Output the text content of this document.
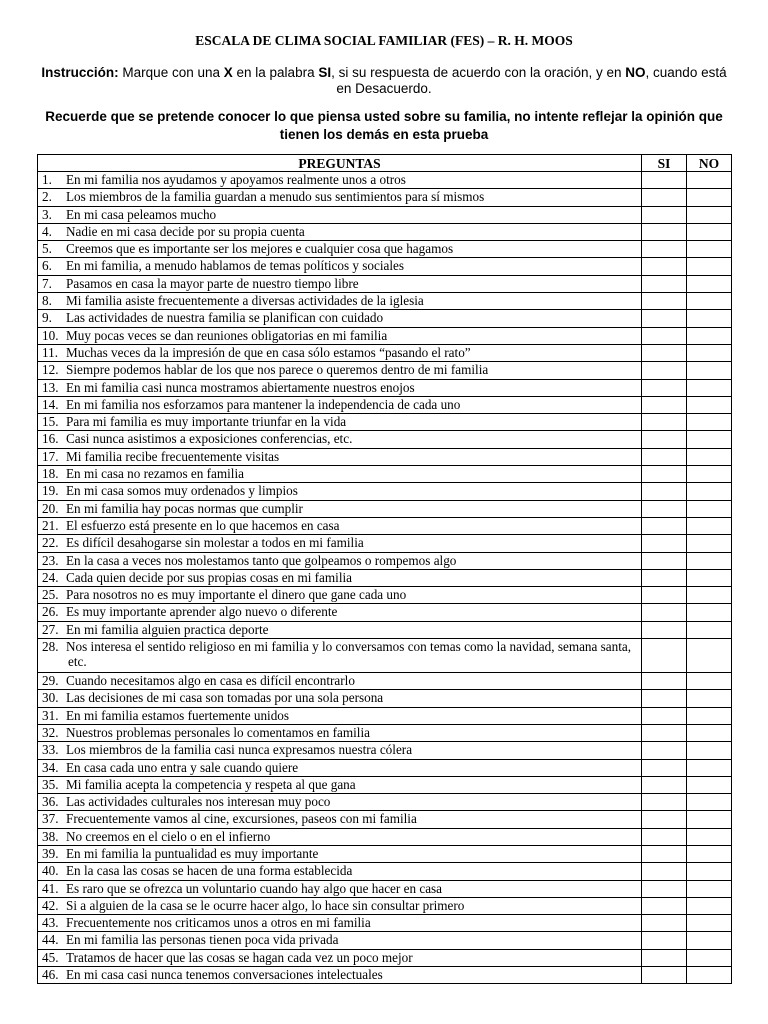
ESCALA DE CLIMA SOCIAL FAMILIAR (FES) – R. H. MOOS
Instrucción: Marque con una X en la palabra SI, si su respuesta de acuerdo con la oración, y en NO, cuando está en Desacuerdo.
Recuerde que se pretende conocer lo que piensa usted sobre su familia, no intente reflejar la opinión que tienen los demás en esta prueba
PREGUNTAS	SI	NO
1. En mi familia nos ayudamos y apoyamos realmente unos a otros		
2. Los miembros de la familia guardan a menudo sus sentimientos para sí mismos		
3. En mi casa peleamos mucho		
4. Nadie en mi casa decide por su propia cuenta		
5. Creemos que es importante ser los mejores e cualquier cosa que hagamos		
6. En mi familia, a menudo hablamos de temas políticos y sociales		
7. Pasamos en casa la mayor parte de nuestro tiempo libre		
8. Mi familia asiste frecuentemente a diversas actividades de la iglesia		
9. Las actividades de nuestra familia se planifican con cuidado		
10. Muy pocas veces se dan reuniones obligatorias en mi familia		
11. Muchas veces da la impresión de que en casa sólo estamos “pasando el rato”		
12. Siempre podemos hablar de los que nos parece o queremos dentro de mi familia		
13. En mi familia casi nunca mostramos abiertamente nuestros enojos		
14. En mi familia nos esforzamos para mantener la independencia de cada uno		
15. Para mi familia es muy importante triunfar en la vida		
16. Casi nunca asistimos a exposiciones conferencias, etc.		
17. Mi familia recibe frecuentemente visitas		
18. En mi casa no rezamos en familia		
19. En mi casa somos muy ordenados y limpios		
20. En mi familia hay pocas normas que cumplir		
21. El esfuerzo está presente en lo que hacemos en casa		
22. Es difícil desahogarse sin molestar a todos en mi familia		
23. En la casa a veces nos molestamos tanto que golpeamos o rompemos algo		
24. Cada quien decide por sus propias cosas en mi familia		
25. Para nosotros no es muy importante el dinero que gane cada uno		
26. Es muy importante aprender algo nuevo o diferente		
27. En mi familia alguien practica deporte		
28. Nos interesa el sentido religioso en mi familia y lo conversamos con temas como la navidad, semana santa, etc.		
29. Cuando necesitamos algo en casa es difícil encontrarlo		
30. Las decisiones de mi casa son tomadas por una sola persona		
31. En mi familia estamos fuertemente unidos		
32. Nuestros problemas personales lo comentamos en familia		
33. Los miembros de la familia casi nunca expresamos nuestra cólera		
34. En casa cada uno entra y sale cuando quiere		
35. Mi familia acepta la competencia y respeta al que gana		
36. Las actividades culturales nos interesan muy poco		
37. Frecuentemente vamos al cine, excursiones, paseos con mi familia		
38. No creemos en el cielo o en el infierno		
39. En mi familia la puntualidad es muy importante		
40. En la casa las cosas se hacen de una forma establecida		
41. Es raro que se ofrezca un voluntario cuando hay algo que hacer en casa		
42. Si a alguien de la casa se le ocurre hacer algo, lo hace sin consultar primero		
43. Frecuentemente nos criticamos unos a otros en mi familia		
44. En mi familia las personas tienen poca vida privada		
45. Tratamos de hacer que las cosas se hagan cada vez un poco mejor		
46. En mi casa casi nunca tenemos conversaciones intelectuales		
